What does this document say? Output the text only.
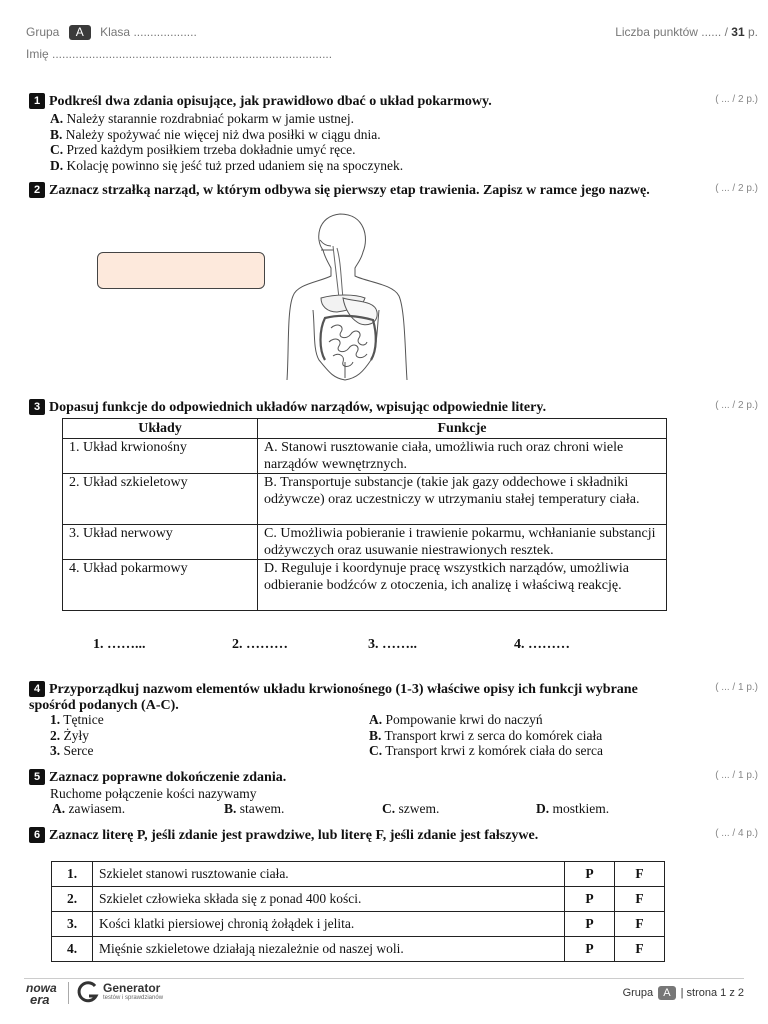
Grupa A Klasa ...................	Liczba punktów ...... / 31 p.
Imię ....................................................................................
1 Podkreśl dwa zdania opisujące, jak prawidłowo dbać o układ pokarmowy.
A. Należy starannie rozdrabniać pokarm w jamie ustnej.
B. Należy spożywać nie więcej niż dwa posiłki w ciągu dnia.
C. Przed każdym posiłkiem trzeba dokładnie umyć ręce.
D. Kolację powinno się jeść tuż przed udaniem się na spoczynek.
( ... / 2 p.)
2 Zaznacz strzałką narząd, w którym odbywa się pierwszy etap trawienia. Zapisz w ramce jego nazwę.	( ... / 2 p.)
3 Dopasuj funkcje do odpowiednich układów narządów, wpisując odpowiednie litery.	( ... / 2 p.)
Układy	Funkcje
1. Układ krwionośny	A. Stanowi rusztowanie ciała, umożliwia ruch oraz chroni wiele narządów wewnętrznych.
2. Układ szkieletowy	B. Transportuje substancje (takie jak gazy oddechowe i składniki odżywcze) oraz uczestniczy w utrzymaniu stałej temperatury ciała.
3. Układ nerwowy	C. Umożliwia pobieranie i trawienie pokarmu, wchłanianie substancji odżywczych oraz usuwanie niestrawionych resztek.
4. Układ pokarmowy	D. Reguluje i koordynuje pracę wszystkich narządów, umożliwia odbieranie bodźców z otoczenia, ich analizę i właściwą reakcję.
1. ……...	2. ………	3. ……..	4. ………
4 Przyporządkuj nazwom elementów układu krwionośnego (1-3) właściwe opisy ich funkcji wybrane spośród podanych (A-C).
( ... / 1 p.)
1. Tętnice
2. Żyły
3. Serce
A. Pompowanie krwi do naczyń
B. Transport krwi z serca do komórek ciała
C. Transport krwi z komórek ciała do serca
5 Zaznacz poprawne dokończenie zdania.	( ... / 1 p.)
Ruchome połączenie kości nazywamy
A. zawiasem.	B. stawem.	C. szwem.	D. mostkiem.
6 Zaznacz literę P, jeśli zdanie jest prawdziwe, lub literę F, jeśli zdanie jest fałszywe.	( ... / 4 p.)
1.	Szkielet stanowi rusztowanie ciała.	P	F
2.	Szkielet człowieka składa się z ponad 400 kości.	P	F
3.	Kości klatki piersiowej chronią żołądek i jelita.	P	F
4.	Mięśnie szkieletowe działają niezależnie od naszej woli.	P	F
nowa
era
Generator
testów i sprawdzianów	Grupa A | strona 1 z 2
